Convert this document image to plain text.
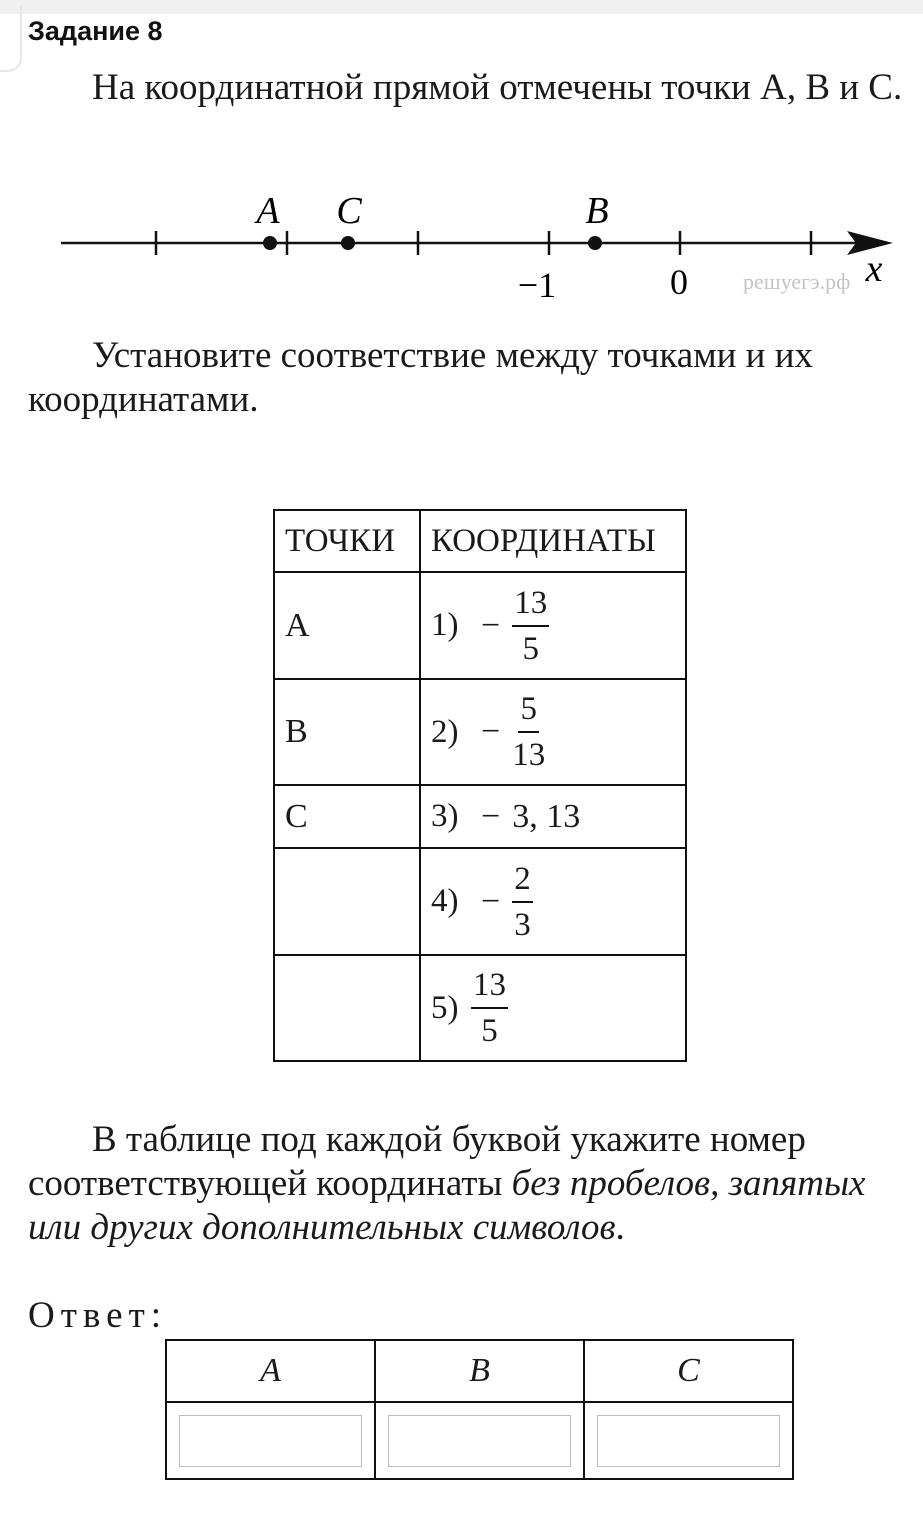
Задание 8
На координатной прямой отмечены точки А, В и С.
A C	B
−1	0	x
решуегэ.рф
Установите соответствие между точками и их координатами.
ТОЧКИ	КООРДИНАТЫ
А	$1) - \frac{13}{5}$

В	$2) - \frac{5}{13}$

С	3) − 3, 13

	$4) - \frac{2}{3}$

	$5) \frac{13}{5}$
В таблице под каждой буквой укажите номер соответствующей координаты без пробелов, запятых или других дополнительных символов.
Ответ:
A	B	C
